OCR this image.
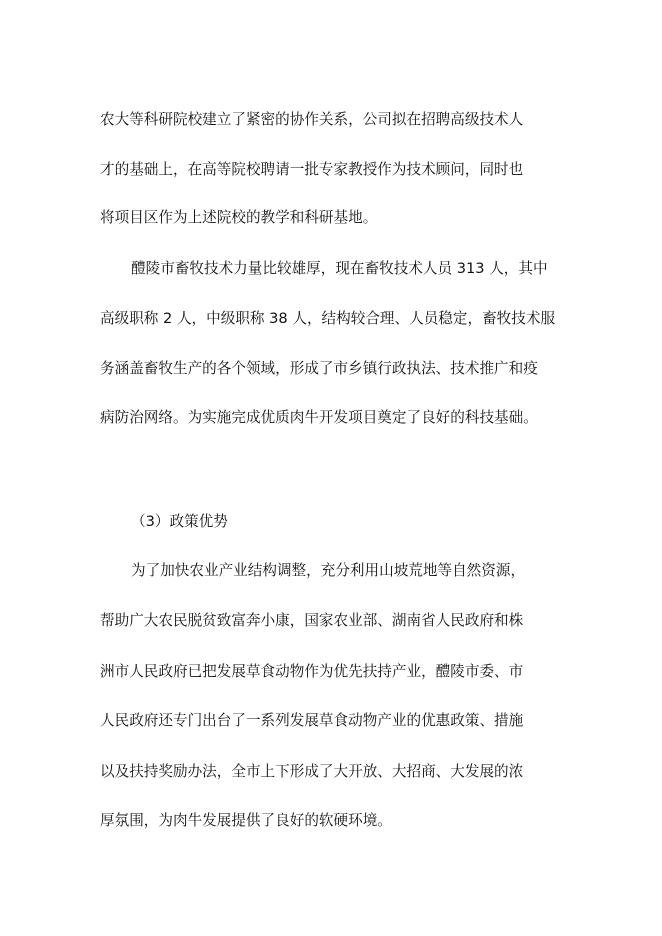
农大等科研院校建立了紧密的协作关系，公司拟在招聘高级技术人
才的基础上，在高等院校聘请一批专家教授作为技术顾问，同时也
将项目区作为上述院校的教学和科研基地。
醴陵市畜牧技术力量比较雄厚，现在畜牧技术人员 313 人，其中
高级职称 2 人，中级职称 38 人，结构较合理、人员稳定，畜牧技术服
务涵盖畜牧生产的各个领域，形成了市乡镇行政执法、技术推广和疫
病防治网络。为实施完成优质肉牛开发项目奠定了良好的科技基础。
（3）政策优势
为了加快农业产业结构调整，充分利用山坡荒地等自然资源，
帮助广大农民脱贫致富奔小康，国家农业部、湖南省人民政府和株
洲市人民政府已把发展草食动物作为优先扶持产业，醴陵市委、市
人民政府还专门出台了一系列发展草食动物产业的优惠政策、措施
以及扶持奖励办法，全市上下形成了大开放、大招商、大发展的浓
厚氛围，为肉牛发展提供了良好的软硬环境。
